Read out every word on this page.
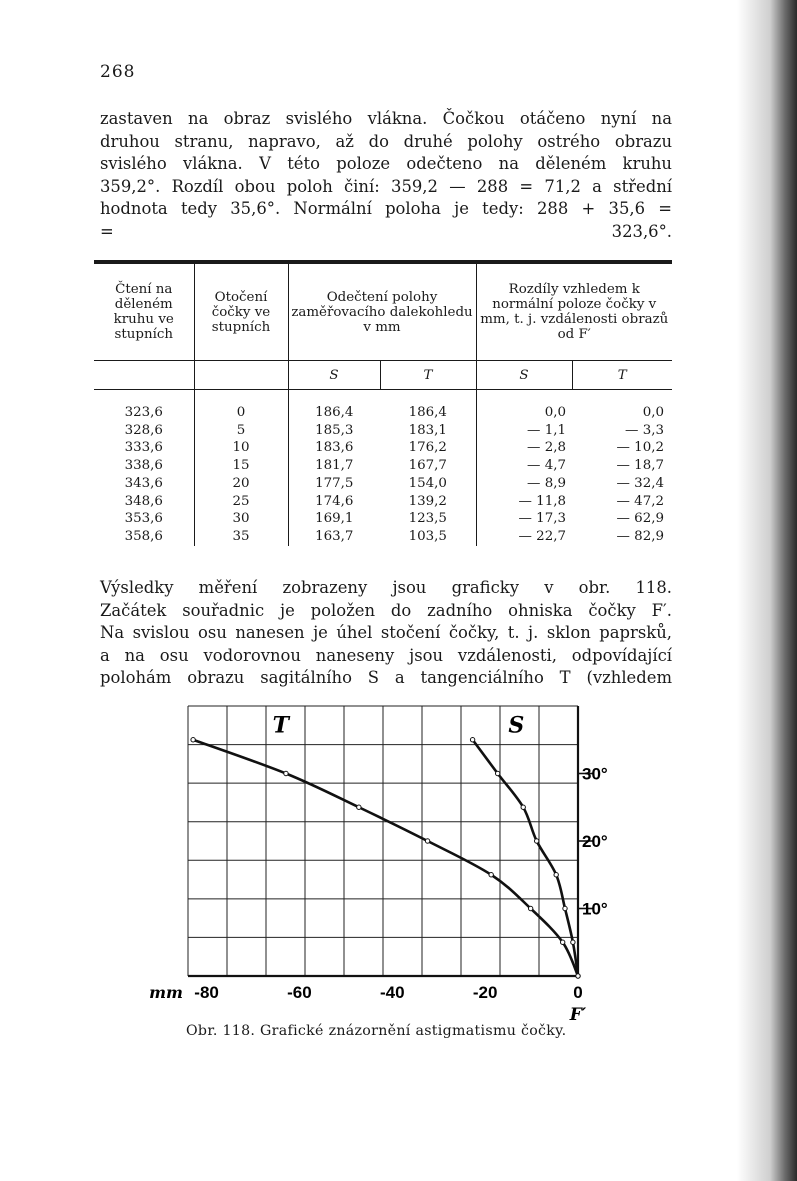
268
zastaven na obraz svislého vlákna. Čočkou otáčeno nyní na
druhou stranu, napravo, až do druhé polohy ostrého obrazu
svislého vlákna. V této poloze odečteno na děleném kruhu
359,2°. Rozdíl obou poloh činí: 359,2 — 288 = 71,2 a střední
hodnota tedy 35,6°. Normální poloha je tedy: 288 + 35,6 =
= 323,6°.
Čtení na děleném kruhu ve stupních	Otočení čočky ve stupních	Odečtení polohy zaměřovacího dalekohledu v mm		Rozdíly vzhledem k normální poloze čočky v mm, t. j. vzdálenosti obrazů od F′	
		S	T	S	T
323,6	0	186,4	186,4	0,0	0,0
328,6	5	185,3	183,1	— 1,1	— 3,3
333,6	10	183,6	176,2	— 2,8	— 10,2
338,6	15	181,7	167,7	— 4,7	— 18,7
343,6	20	177,5	154,0	— 8,9	— 32,4
348,6	25	174,6	139,2	— 11,8	— 47,2
353,6	30	169,1	123,5	— 17,3	— 62,9
358,6	35	163,7	103,5	— 22,7	— 82,9
Výsledky měření zobrazeny jsou graficky v obr. 118.
Začátek souřadnic je položen do zadního ohniska čočky F′.
Na svislou osu nanesen je úhel stočení čočky, t. j. sklon paprsků,
a na osu vodorovnou naneseny jsou vzdálenosti, odpovídající
polohám obrazu sagitálního S a tangenciálního T (vzhledem
10°
20°
30°
-80	-60	-40	-20	0
mm
F′
T	S
Obr. 118. Grafické znázornění astigmatismu čočky.
